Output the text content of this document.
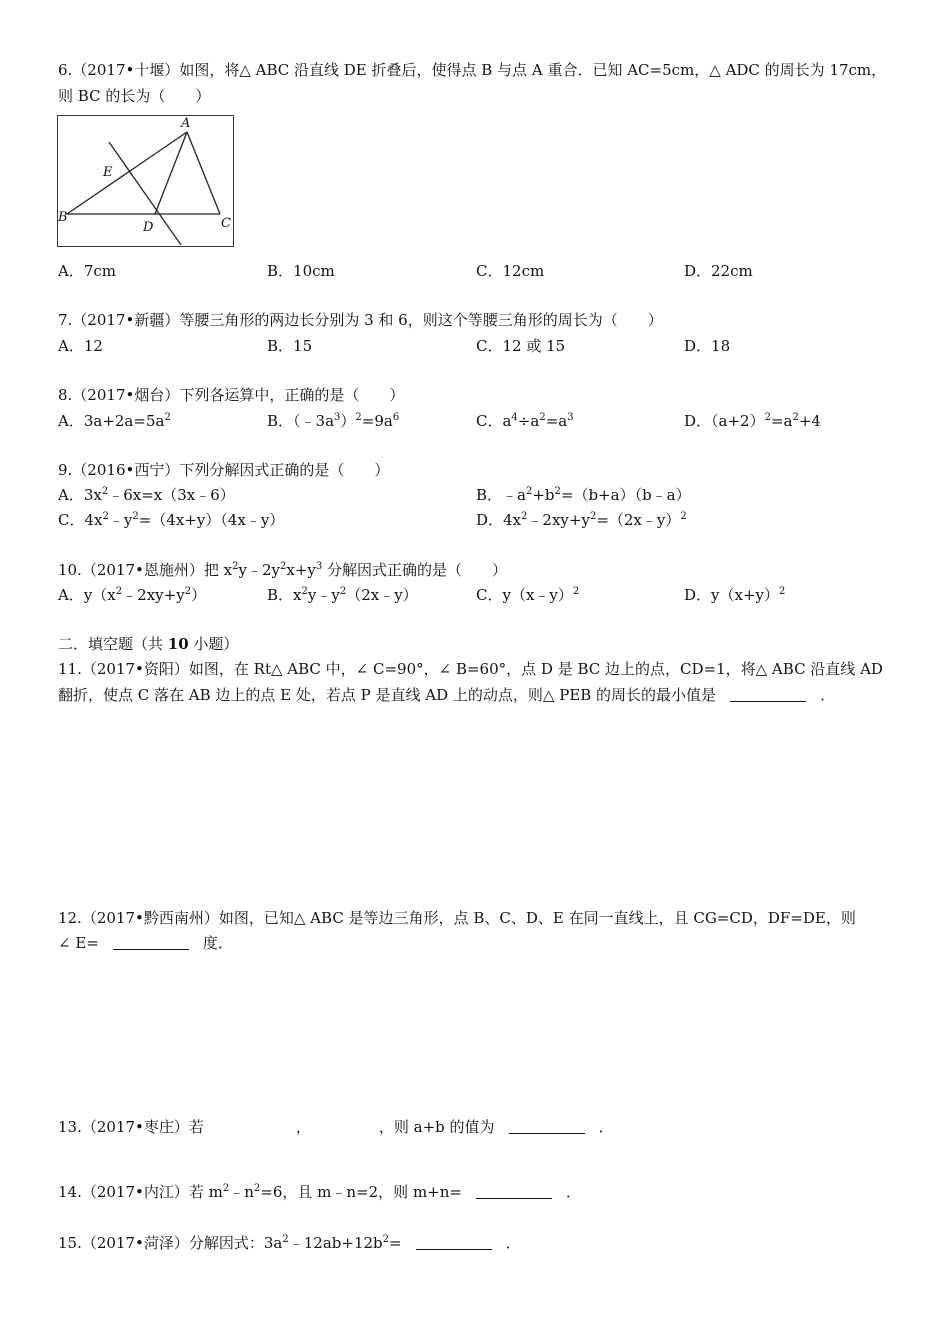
6.（2017•十堰）如图，将△ ABC 沿直线 DE 折叠后，使得点 B 与点 A 重合．已知 AC=5cm，△ ADC 的周长为 17cm，
则 BC 的长为（　　）
A
E
B
D	C
A．7cm	B．10cm	C．12cm	D．22cm
7.（2017•新疆）等腰三角形的两边长分别为 3 和 6，则这个等腰三角形的周长为（　　）
A．12	B．15	C．12 或 15	D．18
8.（2017•烟台）下列各运算中，正确的是（　　）
A．$3a+2a=5a^2$	B．$(﹣3a^3)^2=9a^6$	C．$a^4\div a^2=a^3$	D．$(a+2)^2=a^2+4$
9.（2016•西宁）下列分解因式正确的是（　　）
A．$3x^2﹣6x=x(3x﹣6)$	B．$﹣a^2+b^2=(b+a)(b﹣a)$
C．$4x^2﹣y^2=(4x+y)(4x﹣y)$	D．$4x^2﹣2xy+y^2=(2x﹣y)^2$
10.（2017•恩施州）把 $x^2y﹣2y^2x+y^3$ 分解因式正确的是（　　）
A．$y(x^2﹣2xy+y^2)$	B．$x^2y﹣y^2(2x﹣y)$	C．y（x﹣y）$^2$	D．$y(x+y)^2$
二．填空题（共 10 小题）
11.（2017•资阳）如图，在 Rt△ ABC 中，∠ C=90°，∠ B=60°，点 D 是 BC 边上的点，CD=1，将△ ABC 沿直线 AD
翻折，使点 C 落在 AB 边上的点 E 处，若点 P 是直线 AD 上的动点，则△ PEB 的周长的最小值是	．
12.（2017•黔西南州）如图，已知△ ABC 是等边三角形，点 B、C、D、E 在同一直线上，且 CG=CD，DF=DE，则
∠ E=	度．
13.（2017•枣庄）若	，	，则 a+b 的值为	．
14.（2017•内江）若 $m^2﹣n^2=6$，且 m﹣n=2，则 m+n=	．
15.（2017•菏泽）分解因式：$3a^2﹣12ab+12b^2=$	．
